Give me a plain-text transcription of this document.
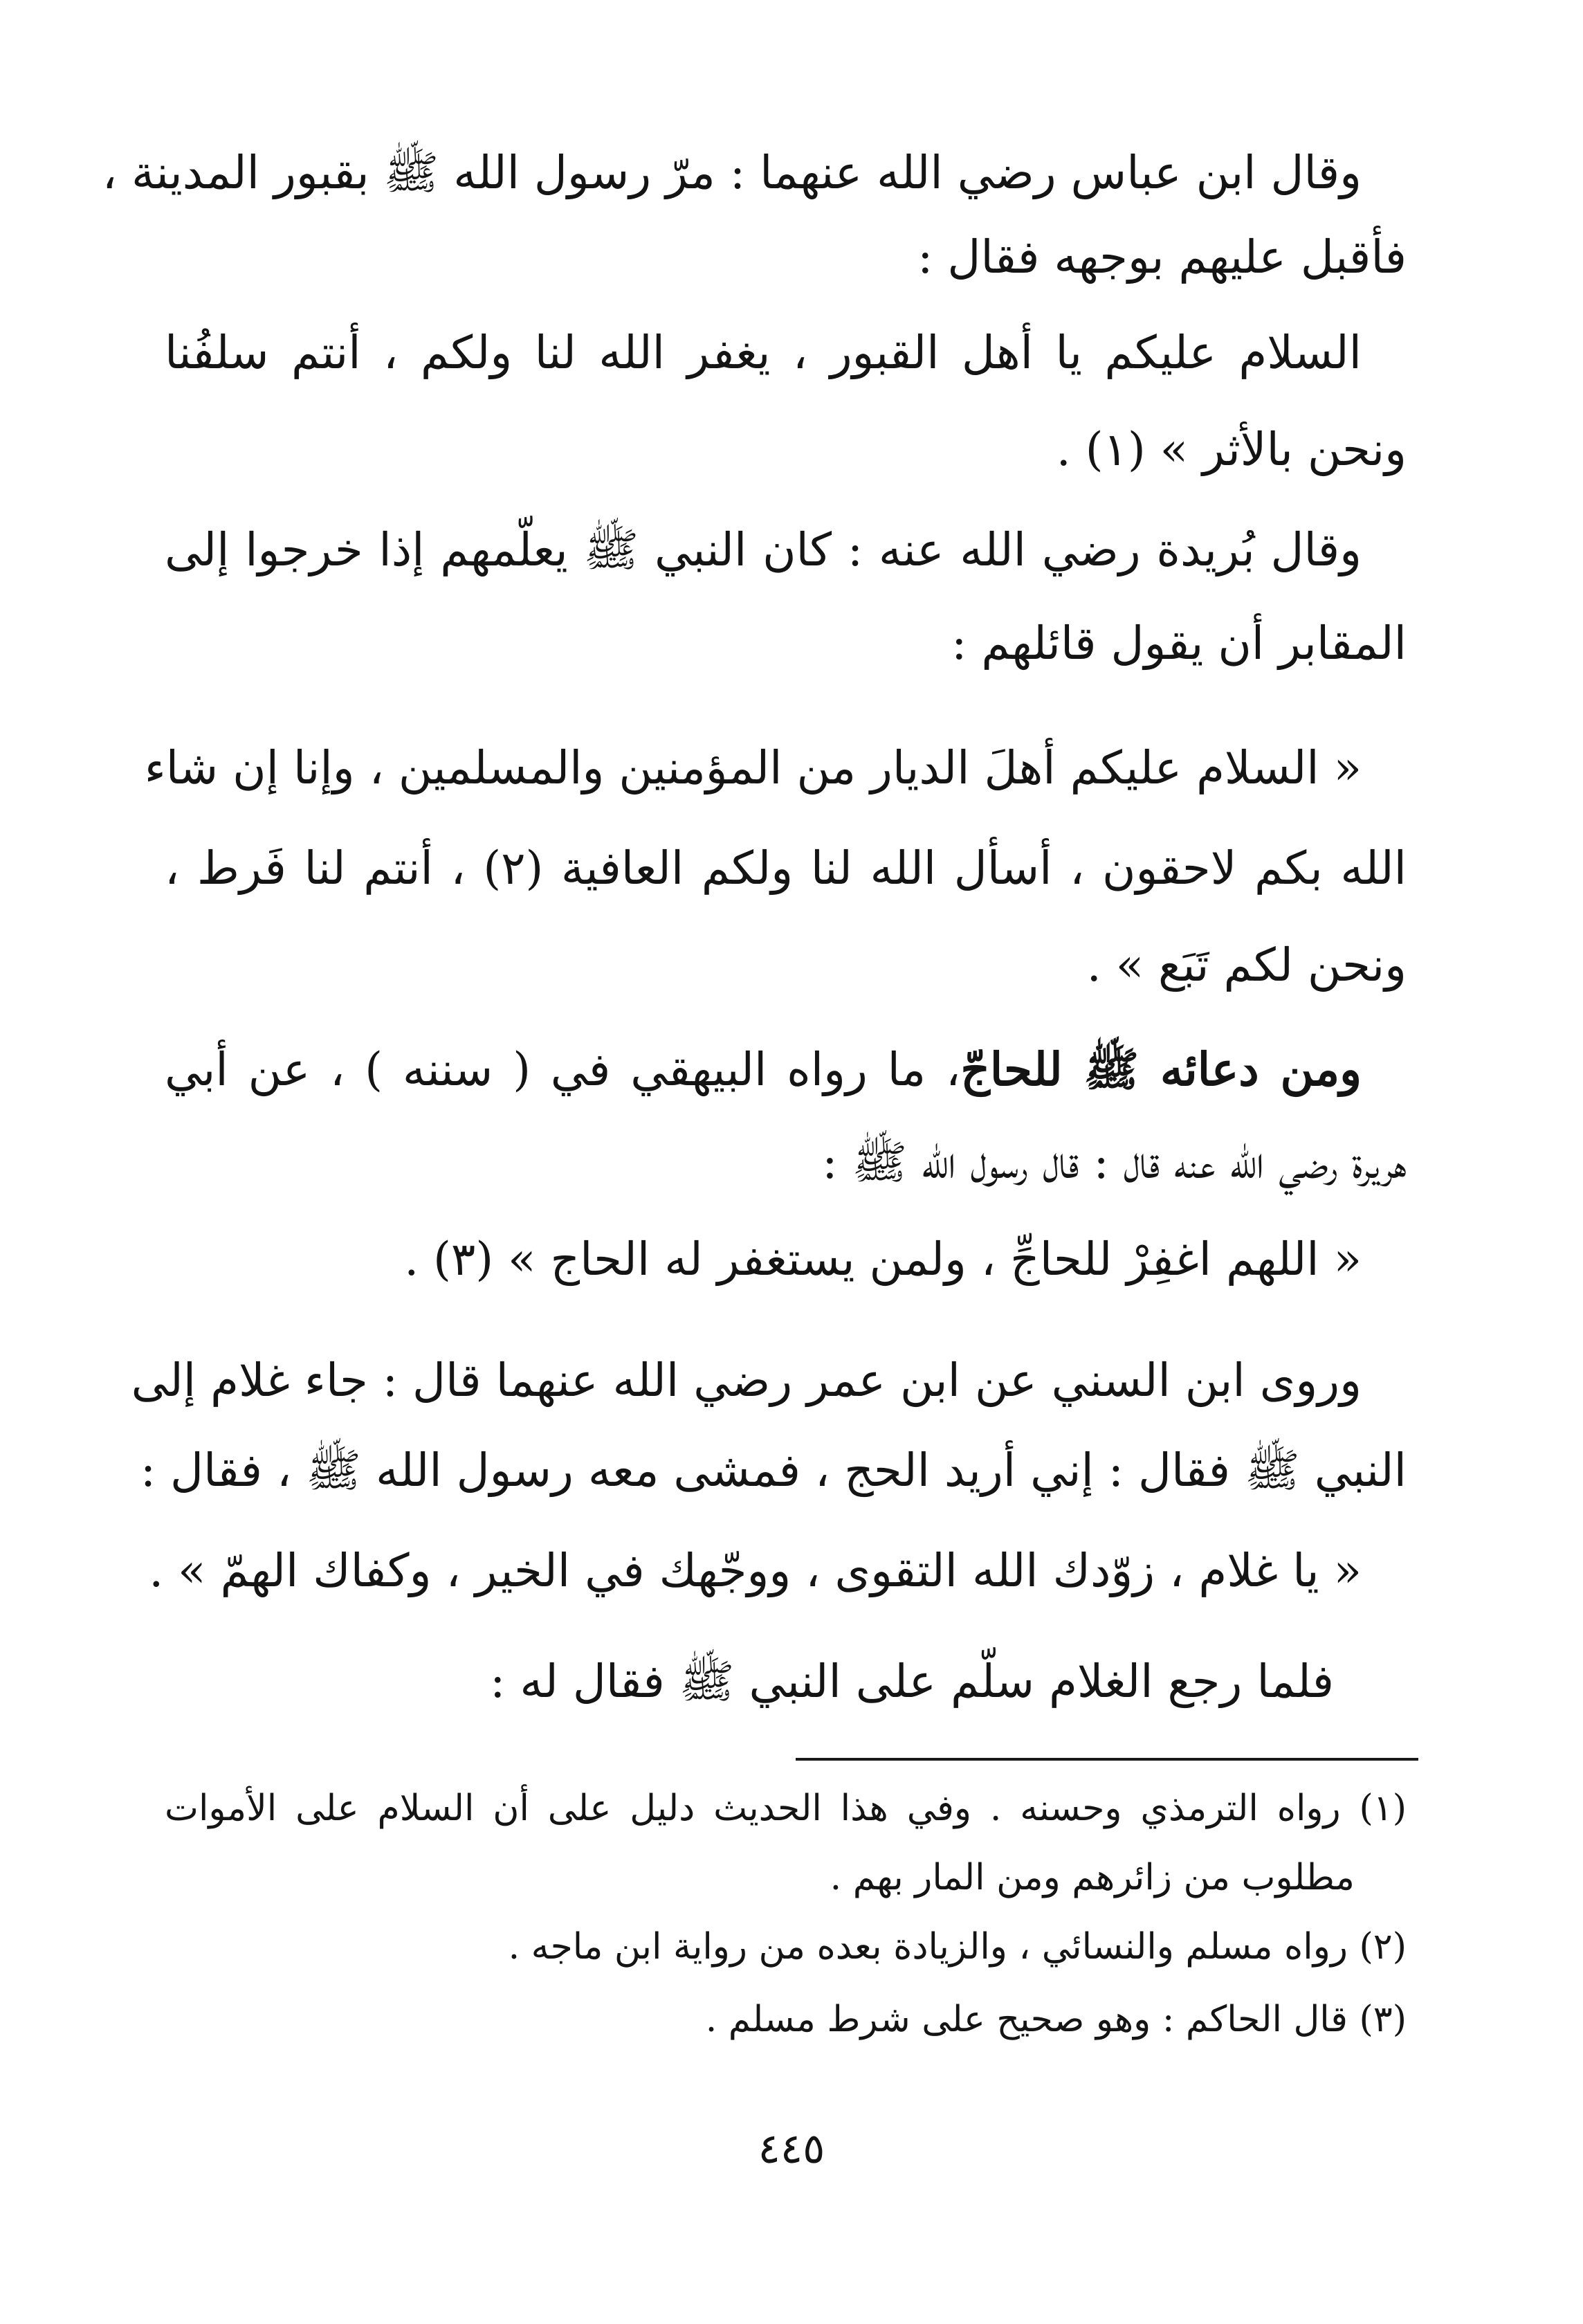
وقال ابن عباس رضي الله عنهما : مرّ رسول الله ﷺ بقبور المدينة ،
فأقبل عليهم بوجهه فقال :
السلام عليكم يا أهل القبور ، يغفر الله لنا ولكم ، أنتم سلفُنا
ونحن بالأثر » (١) .
وقال بُريدة رضي الله عنه : كان النبي ﷺ يعلّمهم إذا خرجوا إلى
المقابر أن يقول قائلهم :
« السلام عليكم أهلَ الديار من المؤمنين والمسلمين ، وإنا إن شاء
الله بكم لاحقون ، أسأل الله لنا ولكم العافية (٢) ، أنتم لنا فَرط ،
ونحن لكم تَبَع » .
ومن دعائه ﷺ للحاجّ، ما رواه البيهقي في ( سننه ) ، عن أبي
هريرة رضي الله عنه قال : قال رسول الله ﷺ :
« اللهم اغفِرْ للحاجِّ ، ولمن يستغفر له الحاج » (٣) .
وروى ابن السني عن ابن عمر رضي الله عنهما قال : جاء غلام إلى
النبي ﷺ فقال : إني أريد الحج ، فمشى معه رسول الله ﷺ ، فقال :
« يا غلام ، زوّدك الله التقوى ، ووجّهك في الخير ، وكفاك الهمّ » .
فلما رجع الغلام سلّم على النبي ﷺ فقال له :
(١) رواه الترمذي وحسنه . وفي هذا الحديث دليل على أن السلام على الأموات
مطلوب من زائرهم ومن المار بهم .
(٢) رواه مسلم والنسائي ، والزيادة بعده من رواية ابن ماجه .
(٣) قال الحاكم : وهو صحيح على شرط مسلم .
٤٤٥
